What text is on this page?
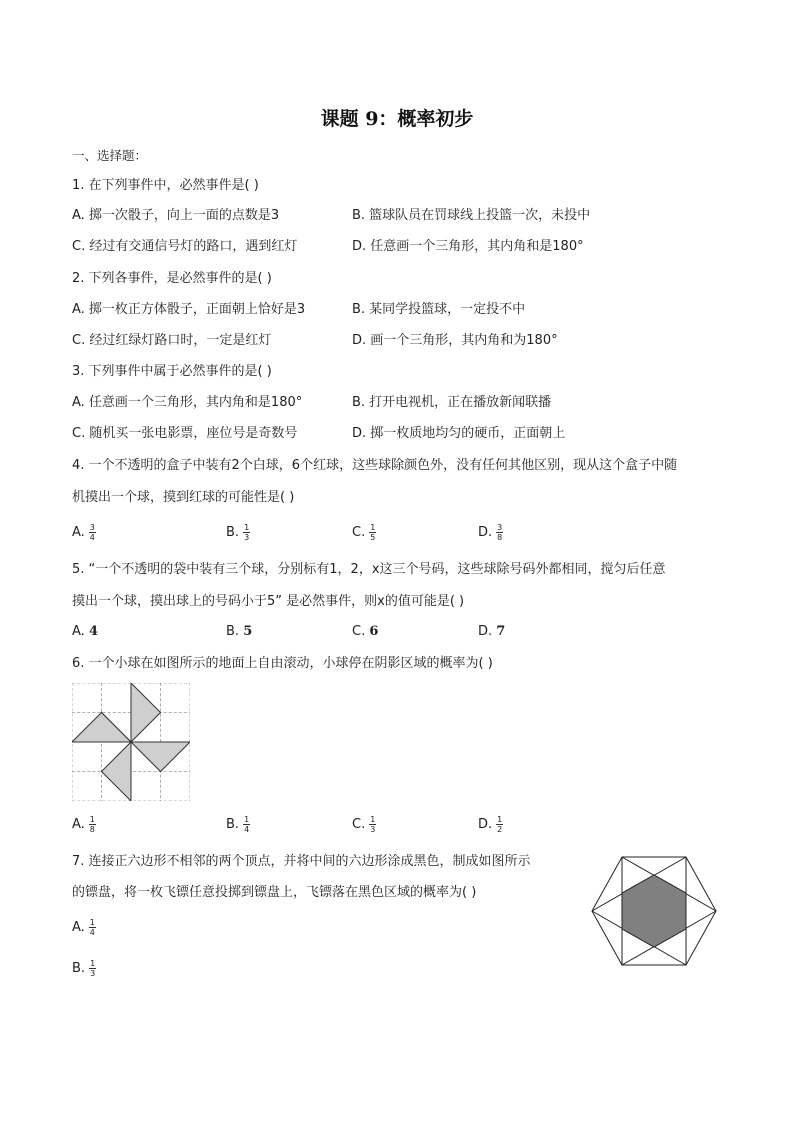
课题 9：概率初步
一、选择题：
1. 在下列事件中，必然事件是( )
A. 掷一次骰子，向上一面的点数是3	B. 篮球队员在罚球线上投篮一次，未投中
C. 经过有交通信号灯的路口，遇到红灯	D. 任意画一个三角形，其内角和是180°
2. 下列各事件，是必然事件的是( )
A. 掷一枚正方体骰子，正面朝上恰好是3	B. 某同学投篮球，一定投不中
C. 经过红绿灯路口时，一定是红灯	D. 画一个三角形，其内角和为180°
3. 下列事件中属于必然事件的是( )
A. 任意画一个三角形，其内角和是180°	B. 打开电视机，正在播放新闻联播
C. 随机买一张电影票，座位号是奇数号	D. 掷一枚质地均匀的硬币，正面朝上
4. 一个不透明的盒子中装有2个白球，6个红球，这些球除颜色外，没有任何其他区别，现从这个盒子中随
机摸出一个球，摸到红球的可能性是( )
A. $\frac{3}{4}$	B. $\frac{1}{3}$	C. $\frac{1}{5}$	D. $\frac{3}{8}$
5. “一个不透明的袋中装有三个球，分别标有1，2，x这三个号码，这些球除号码外都相同，搅匀后任意
摸出一个球，摸出球上的号码小于5” 是必然事件，则x的值可能是( )
A. 4	B. 5	C. 6	D. 7
6. 一个小球在如图所示的地面上自由滚动，小球停在阴影区域的概率为( )
A. $\frac{1}{8}$	B. $\frac{1}{4}$	C. $\frac{1}{3}$	D. $\frac{1}{2}$
7. 连接正六边形不相邻的两个顶点，并将中间的六边形涂成黑色，制成如图所示
的镖盘，将一枚飞镖任意投掷到镖盘上，飞镖落在黑色区域的概率为( )
A. $\frac{1}{4}$
B. $\frac{1}{3}$
